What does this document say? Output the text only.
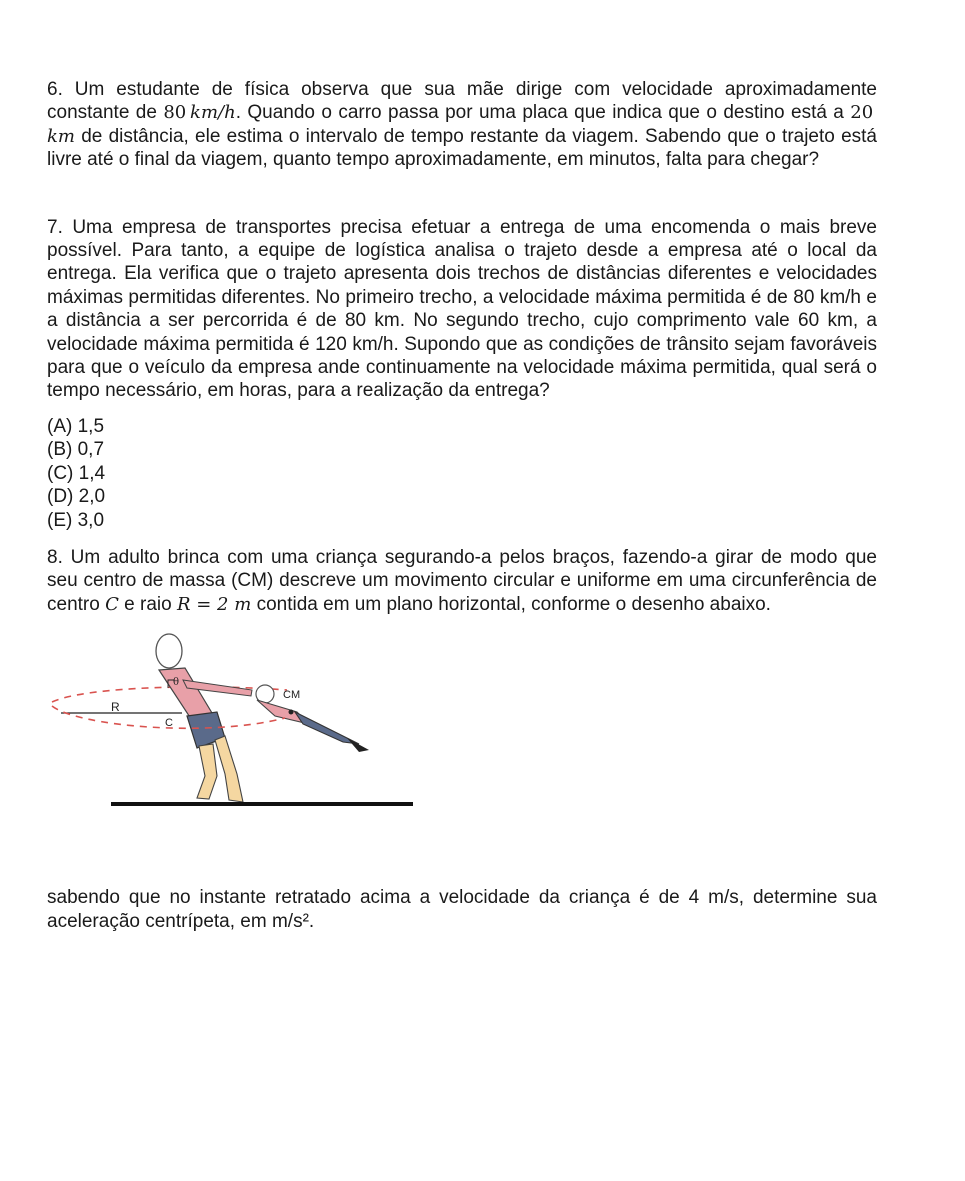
6. Um estudante de física observa que sua mãe dirige com velocidade aproximadamente constante de 80  km/h. Quando o carro passa por uma placa que indica que o destino está a 20 km de distância, ele estima o intervalo de tempo restante da viagem. Sabendo que o trajeto está livre até o final da viagem, quanto tempo aproximadamente, em minutos, falta para chegar?

7. Uma empresa de transportes precisa efetuar a entrega de uma encomenda o mais breve possível. Para tanto, a equipe de logística analisa o trajeto desde a empresa até o local da entrega. Ela verifica que o trajeto apresenta dois trechos de distâncias diferentes e velocidades máximas permitidas diferentes. No primeiro trecho, a velocidade máxima permitida é de 80 km/h e a distância a ser percorrida é de 80 km. No segundo trecho, cujo comprimento vale 60 km, a velocidade máxima permitida é 120 km/h. Supondo que as condições de trânsito sejam favoráveis para que o veículo da empresa ande continuamente na velocidade máxima permitida, qual será o tempo necessário, em horas, para a realização da entrega?

(A) 1,5
(B) 0,7
(C) 1,4
(D) 2,0
(E) 3,0

8. Um adulto brinca com uma criança segurando-a pelos braços, fazendo-a girar de modo que seu centro de massa (CM) descreve um movimento circular e uniforme em uma circunferência de centro C e raio R = 2 m contida em um plano horizontal, conforme o desenho abaixo.

R
C
CM
θ

sabendo que no instante retratado acima a velocidade da criança é de 4 m/s, determine sua aceleração centrípeta, em m/s².
